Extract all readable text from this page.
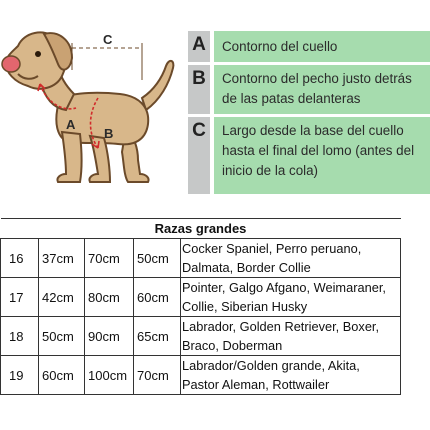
C
A
B
A	Contorno del cuello
B	Contorno del pecho justo detrás de las patas delanteras
C	Largo desde la base del cuello hasta el final del lomo (antes del inicio de la cola)
Razas grandes				
16	37cm	70cm	50cm	Cocker Spaniel, Perro peruano, Dalmata, Border Collie
17	42cm	80cm	60cm	Pointer, Galgo Afgano, Weimaraner, Collie, Siberian Husky
18	50cm	90cm	65cm	Labrador, Golden Retriever, Boxer, Braco, Doberman
19	60cm	100cm	70cm	Labrador/Golden grande, Akita, Pastor Aleman, Rottwailer
